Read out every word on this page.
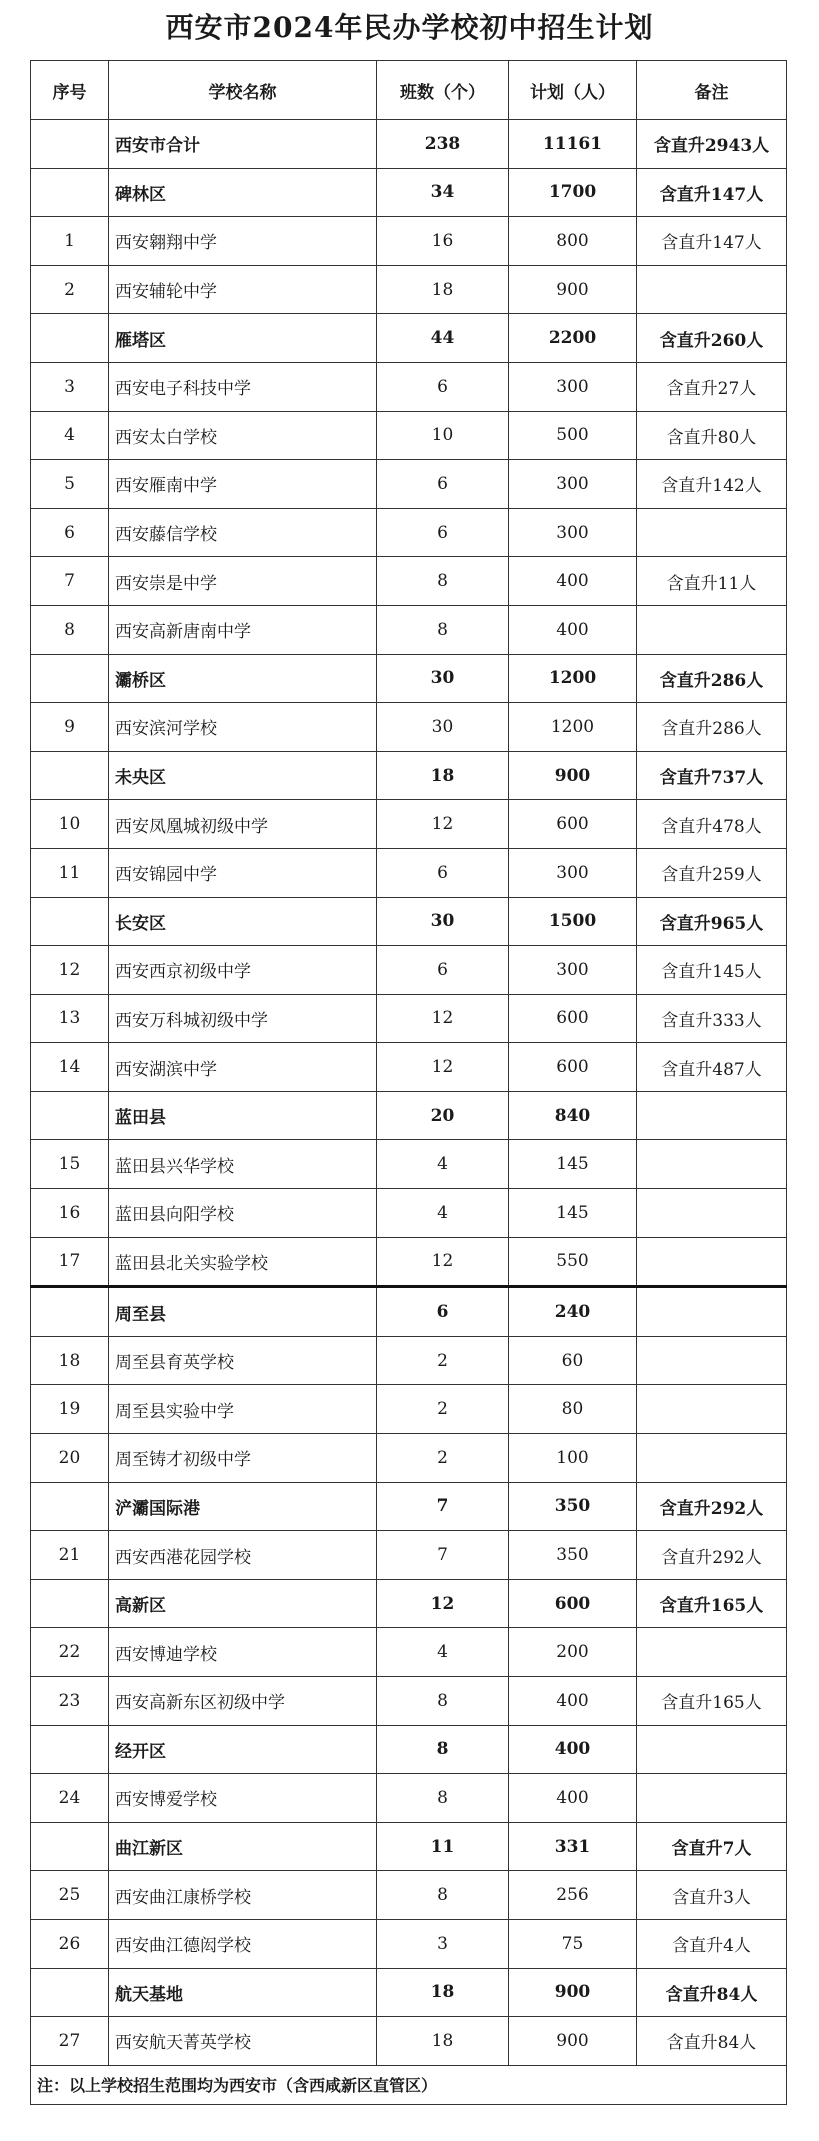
西安市2024年民办学校初中招生计划
序号	学校名称	班数（个）	计划（人）	备注
	西安市合计	238	11161	含直升2943人
	碑林区	34	1700	含直升147人
1	西安翱翔中学	16	800	含直升147人
2	西安辅轮中学	18	900	
	雁塔区	44	2200	含直升260人
3	西安电子科技中学	6	300	含直升27人
4	西安太白学校	10	500	含直升80人
5	西安雁南中学	6	300	含直升142人
6	西安藤信学校	6	300	
7	西安崇是中学	8	400	含直升11人
8	西安高新唐南中学	8	400	
	灞桥区	30	1200	含直升286人
9	西安滨河学校	30	1200	含直升286人
	未央区	18	900	含直升737人
10	西安凤凰城初级中学	12	600	含直升478人
11	西安锦园中学	6	300	含直升259人
	长安区	30	1500	含直升965人
12	西安西京初级中学	6	300	含直升145人
13	西安万科城初级中学	12	600	含直升333人
14	西安湖滨中学	12	600	含直升487人
	蓝田县	20	840	
15	蓝田县兴华学校	4	145	
16	蓝田县向阳学校	4	145	
17	蓝田县北关实验学校	12	550	
	周至县	6	240	
18	周至县育英学校	2	60	
19	周至县实验中学	2	80	
20	周至铸才初级中学	2	100	
	浐灞国际港	7	350	含直升292人
21	西安西港花园学校	7	350	含直升292人
	高新区	12	600	含直升165人
22	西安博迪学校	4	200	
23	西安高新东区初级中学	8	400	含直升165人
	经开区	8	400	
24	西安博爱学校	8	400	
	曲江新区	11	331	含直升7人
25	西安曲江康桥学校	8	256	含直升3人
26	西安曲江德闳学校	3	75	含直升4人
	航天基地	18	900	含直升84人
27	西安航天菁英学校	18	900	含直升84人
注：以上学校招生范围均为西安市（含西咸新区直管区）				
